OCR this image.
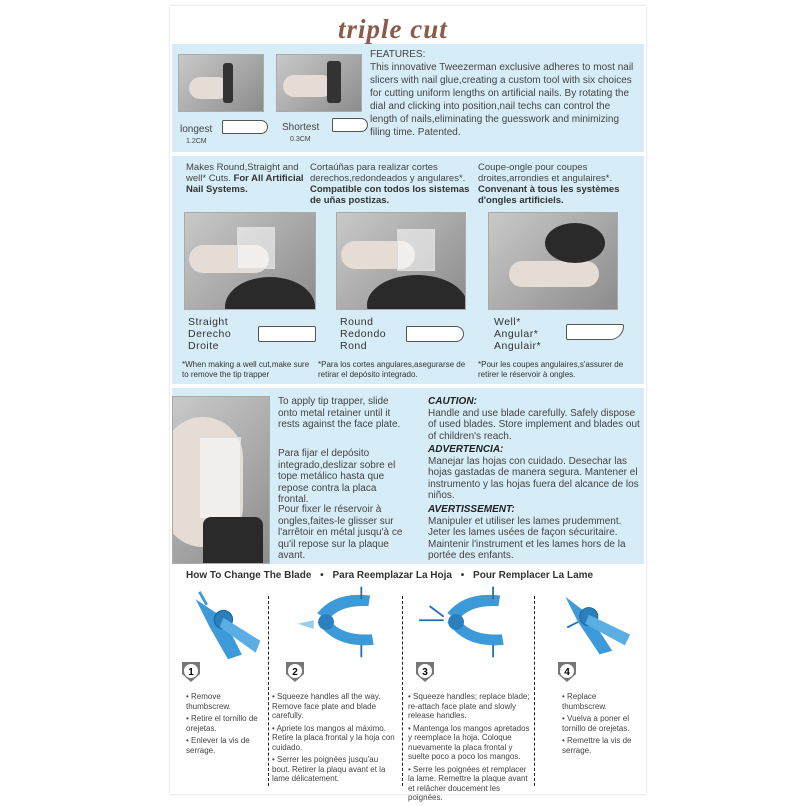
triple cut
longest
1.2CM
Shortest
0.3CM
FEATURES:
This innovative Tweezerman exclusive adheres to most nail slicers with nail glue,creating a custom tool with six choices for cutting uniform lengths on artificial nails. By rotating the dial and clicking into position,nail techs can control the length of nails,eliminating the guesswork and minimizing filing time. Patented.
Makes Round,Straight and well* Cuts. For All Artificial Nail Systems.
Cortaúñas para realizar cortes derechos,redondeados y angulares*. Compatible con todos los sistemas de uñas postizas.
Coupe-ongle pour coupes droites,arrondies et angulaires*. Convenant à tous les systèmes d'ongles artificiels.
Straight
Derecho
Droite
Round
Redondo
Rond
Well*
Angular*
Angulair*
*When making a well cut,make sure to remove the tip trapper
*Para los cortes angulares,asegurarse de retirar el depósito integrado.
*Pour les coupes angulaires,s'assurer de retirer le réservoir à ongles.
To apply tip trapper, slide onto metal retainer until it rests against the face plate.
Para fijar el depósito integrado,deslizar sobre el tope metálico hasta que repose contra la placa frontal.
Pour fixer le réservoir à ongles,faites-le glisser sur l'arrêtoir en métal jusqu'à ce qu'il repose sur la plaque avant.
CAUTION:
Handle and use blade carefully. Safely dispose of used blades. Store implement and blades out of children's reach.
ADVERTENCIA:
Manejar las hojas con cuidado. Desechar las hojas gastadas de manera segura. Mantener el instrumento y las hojas fuera del alcance de los niños.
AVERTISSEMENT:
Manipuler et utiliser les lames prudemment. Jeter les lames usées de façon sécuritaire. Maintenir l'instrument et les lames hors de la portée des enfants.
How To Change The Blade • Para Reemplazar La Hoja • Pour Remplacer La Lame
1	2	3	4
• Remove thumbscrew.
• Retire el tornillo de orejetas.
• Enlever la vis de serrage.
• Squeeze handles all the way. Remove face plate and blade carefully.
• Apriete los mangos al máximo. Retire la placa frontal y la hoja con cuidado.
• Serrer les poignées jusqu'au bout. Retirer la plaqu avant et la lame délicatement.
• Squeeze handles; replace blade; re-attach face plate and slowly release handles.
• Mantenga los mangos apretados y reemplace la hoja. Coloque nuevamente la placa frontal y suelte poco a poco los mangos.
• Serre les poignées et remplacer la lame. Remettre la plaque avant et relâcher doucement les poignées.
• Replace thumbscrew.
• Vuelva a poner el tornillo de orejetas.
• Remettre la vis de serrage.
